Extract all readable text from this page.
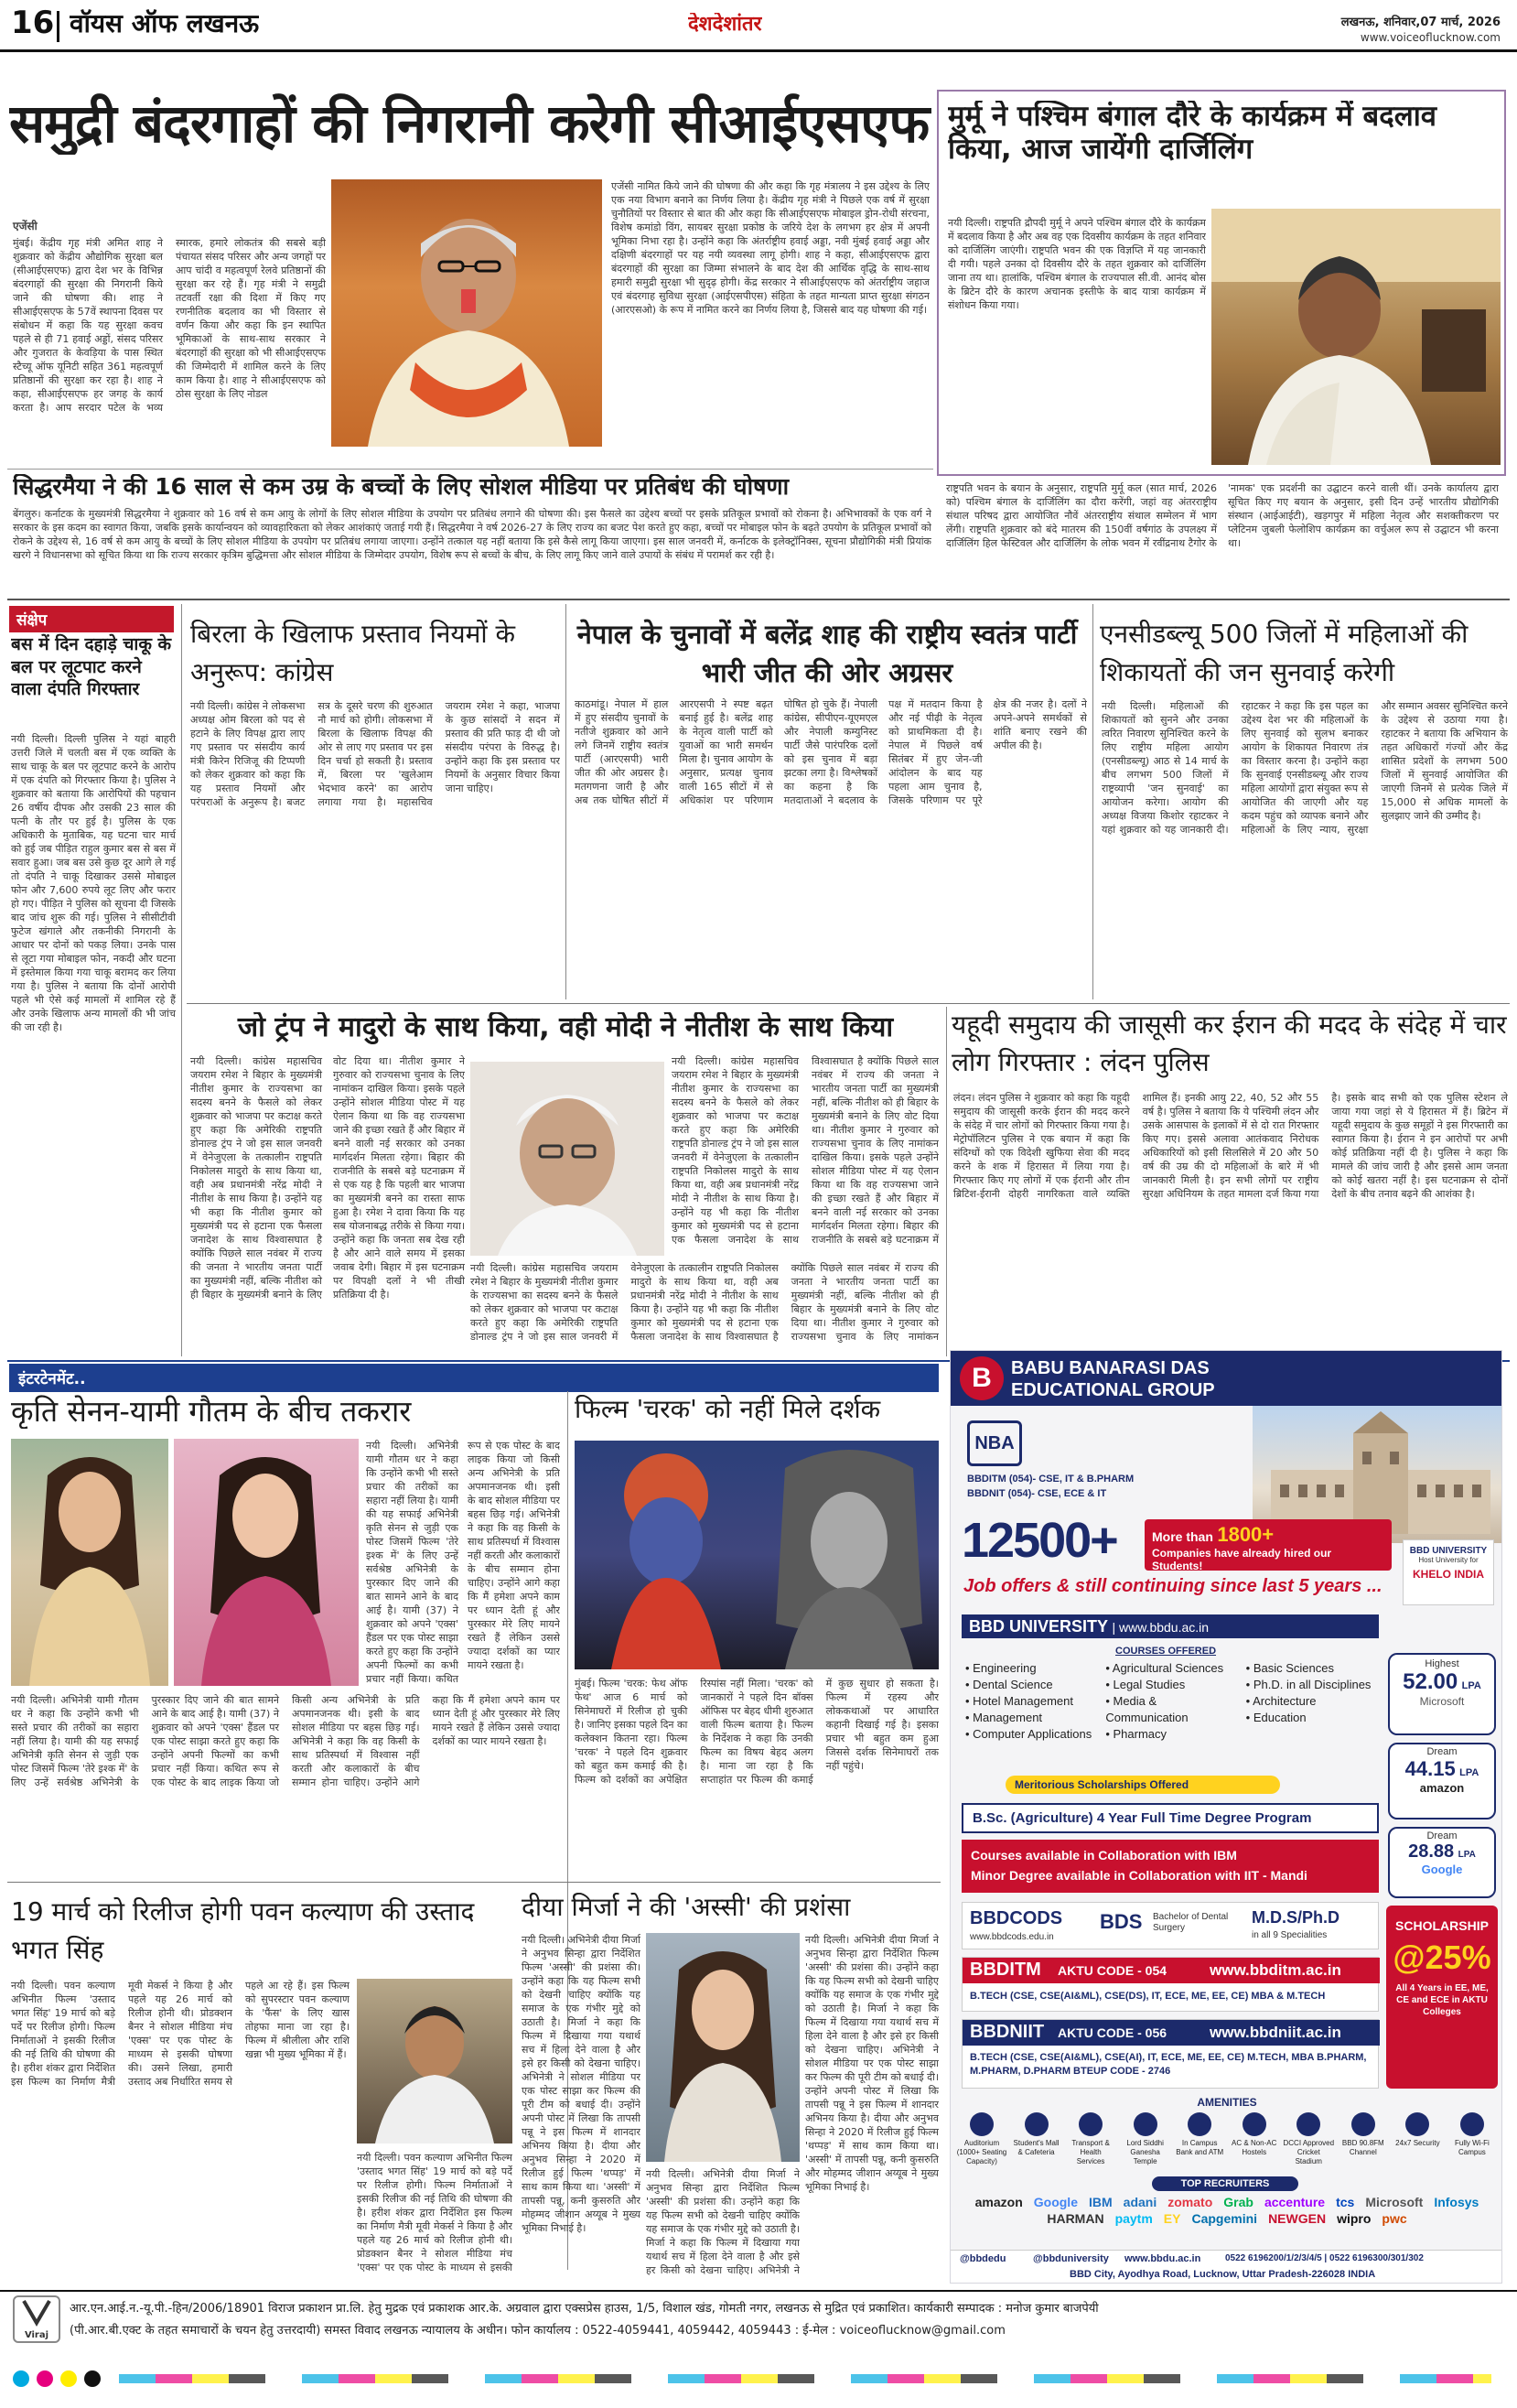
16 वॉयस ऑफ लखनऊ	देशदेशांतर	लखनऊ, शनिवार,07 मार्च, 2026
www.voiceoflucknow.com
समुद्री बंदरगाहों की निगरानी करेगी सीआईएसएफ
एजेंसी
मुंबई। केंद्रीय गृह मंत्री अमित शाह ने शुक्रवार को केंद्रीय औद्योगिक सुरक्षा बल (सीआईएसएफ) द्वारा देश भर के विभिन्न बंदरगाहों की सुरक्षा की निगरानी किये जाने की घोषणा की। शाह ने सीआईएसएफ के 57वें स्थापना दिवस पर संबोधन में कहा कि यह सुरक्षा कवच पहले से ही 71 हवाई अड्डों, संसद परिसर और गुजरात के केवड़िया के पास स्थित स्टैच्यू ऑफ यूनिटी सहित 361 महत्वपूर्ण प्रतिष्ठानों की सुरक्षा कर रहा है। शाह ने कहा, सीआईएसएफ हर जगह के कार्य करता है। आप सरदार पटेल के भव्य स्मारक, हमारे लोकतंत्र की सबसे बड़ी पंचायत संसद परिसर और अन्य जगहों पर आप चांदी व महत्वपूर्ण रेलवे प्रतिष्ठानों की सुरक्षा कर रहे हैं। गृह मंत्री ने समुद्री तटवर्ती रक्षा की दिशा में किए गए रणनीतिक बदलाव का भी विस्तार से वर्णन किया और कहा कि इन स्थापित भूमिकाओं के साथ-साथ सरकार ने बंदरगाहों की सुरक्षा को भी सीआईएसएफ की जिम्मेदारी में शामिल करने के लिए काम किया है। शाह ने सीआईएसएफ को ठोस सुरक्षा के लिए नोडल
एजेंसी नामित किये जाने की घोषणा की और कहा कि गृह मंत्रालय ने इस उद्देश्य के लिए एक नया विभाग बनाने का निर्णय लिया है। केंद्रीय गृह मंत्री ने पिछले एक वर्ष में सुरक्षा चुनौतियों पर विस्तार से बात की और कहा कि सीआईएसएफ मोबाइल ड्रोन-रोधी संरचना, विशेष कमांडो विंग, सायबर सुरक्षा प्रकोष्ठ के जरिये देश के लगभग हर क्षेत्र में अपनी भूमिका निभा रहा है। उन्होंने कहा कि अंतर्राष्ट्रीय हवाई अड्डा, नवी मुंबई हवाई अड्डा और दक्षिणी बंदरगाहों पर यह नयी व्यवस्था लागू होगी। शाह ने कहा, सीआईएसएफ द्वारा बंदरगाहों की सुरक्षा का जिम्मा संभालने के बाद देश की आर्थिक वृद्धि के साथ-साथ हमारी समुद्री सुरक्षा भी सुदृढ़ होगी। केंद्र सरकार ने सीआईएसएफ को अंतर्राष्ट्रीय जहाज एवं बंदरगाह सुविधा सुरक्षा (आईएसपीएस) संहिता के तहत मान्यता प्राप्त सुरक्षा संगठन (आरएसओ) के रूप में नामित करने का निर्णय लिया है, जिससे बाद यह घोषणा की गई।
मुर्मू ने पश्चिम बंगाल दौरे के कार्यक्रम में बदलाव किया, आज जायेंगी दार्जिलिंग
नयी दिल्ली। राष्ट्रपति द्रौपदी मुर्मू ने अपने पश्चिम बंगाल दौरे के कार्यक्रम में बदलाव किया है और अब वह एक दिवसीय कार्यक्रम के तहत शनिवार को दार्जिलिंग जाएंगी। राष्ट्रपति भवन की एक विज्ञप्ति में यह जानकारी दी गयी। पहले उनका दो दिवसीय दौरे के तहत शुक्रवार को दार्जिलिंग जाना तय था। हालांकि, पश्चिम बंगाल के राज्यपाल सी.वी. आनंद बोस के ब्रिटेन दौरे के कारण अचानक इस्तीफे के बाद यात्रा कार्यक्रम में संशोधन किया गया।
सिद्धरमैया ने की 16 साल से कम उम्र के बच्चों के लिए सोशल मीडिया पर प्रतिबंध की घोषणा
बेंगलुरु। कर्नाटक के मुख्यमंत्री सिद्धरमैया ने शुक्रवार को 16 वर्ष से कम आयु के लोगों के लिए सोशल मीडिया के उपयोग पर प्रतिबंध लगाने की घोषणा की। इस फैसले का उद्देश्य बच्चों पर इसके प्रतिकूल प्रभावों को रोकना है। अभिभावकों के एक वर्ग ने सरकार के इस कदम का स्वागत किया, जबकि इसके कार्यान्वयन को व्यावहारिकता को लेकर आशंकाएं जताई गयी हैं। सिद्धरमैया ने वर्ष 2026-27 के लिए राज्य का बजट पेश करते हुए कहा, बच्चों पर मोबाइल फोन के बढ़ते उपयोग के प्रतिकूल प्रभावों को रोकने के उद्देश्य से, 16 वर्ष से कम आयु के बच्चों के लिए सोशल मीडिया के उपयोग पर प्रतिबंध लगाया जाएगा। उन्होंने तत्काल यह नहीं बताया कि इसे कैसे लागू किया जाएगा। इस साल जनवरी में, कर्नाटक के इलेक्ट्रॉनिक्स, सूचना प्रौद्योगिकी मंत्री प्रियांक खरगे ने विधानसभा को सूचित किया था कि राज्य सरकार कृत्रिम बुद्धिमत्ता और सोशल मीडिया के जिम्मेदार उपयोग, विशेष रूप से बच्चों के बीच, के लिए लागू किए जाने वाले उपायों के संबंध में परामर्श कर रही है।
राष्ट्रपति भवन के बयान के अनुसार, राष्ट्रपति मुर्मू कल (सात मार्च, 2026 को) पश्चिम बंगाल के दार्जिलिंग का दौरा करेंगी, जहां वह अंतरराष्ट्रीय संथाल परिषद द्वारा आयोजित नौवें अंतरराष्ट्रीय संथाल सम्मेलन में भाग लेंगी। राष्ट्रपति शुक्रवार को बंदे मातरम की 150वीं वर्षगांठ के उपलक्ष्य में दार्जिलिंग हिल फेस्टिवल और दार्जिलिंग के लोक भवन में रवींद्रनाथ टैगोर के 'नामक' एक प्रदर्शनी का उद्घाटन करने वाली थीं। उनके कार्यालय द्वारा सूचित किए गए बयान के अनुसार, इसी दिन उन्हें भारतीय प्रौद्योगिकी संस्थान (आईआईटी), खड़गपुर में महिला नेतृत्व और सशक्तीकरण पर प्लेटिनम जुबली फेलोशिप कार्यक्रम का वर्चुअल रूप से उद्घाटन भी करना था।
संक्षेप
बस में दिन दहाड़े चाकू के बल पर लूटपाट करने वाला दंपति गिरफ्तार
नयी दिल्ली। दिल्ली पुलिस ने यहां बाहरी उत्तरी जिले में चलती बस में एक व्यक्ति के साथ चाकू के बल पर लूटपाट करने के आरोप में एक दंपति को गिरफ्तार किया है। पुलिस ने शुक्रवार को बताया कि आरोपियों की पहचान 26 वर्षीय दीपक और उसकी 23 साल की पत्नी के तौर पर हुई है। पुलिस के एक अधिकारी के मुताबिक, यह घटना चार मार्च को हुई जब पीड़ित राहुल कुमार बस से बस में सवार हुआ। जब बस उसे कुछ दूर आगे ले गई तो दंपति ने चाकू दिखाकर उससे मोबाइल फोन और 7,600 रुपये लूट लिए और फरार हो गए। पीड़ित ने पुलिस को सूचना दी जिसके बाद जांच शुरू की गई। पुलिस ने सीसीटीवी फुटेज खंगाले और तकनीकी निगरानी के आधार पर दोनों को पकड़ लिया। उनके पास से लूटा गया मोबाइल फोन, नकदी और घटना में इस्तेमाल किया गया चाकू बरामद कर लिया गया है। पुलिस ने बताया कि दोनों आरोपी पहले भी ऐसे कई मामलों में शामिल रहे हैं और उनके खिलाफ अन्य मामलों की भी जांच की जा रही है।
बिरला के खिलाफ प्रस्ताव नियमों के अनुरूप: कांग्रेस
नयी दिल्ली। कांग्रेस ने लोकसभा अध्यक्ष ओम बिरला को पद से हटाने के लिए विपक्ष द्वारा लाए गए प्रस्ताव पर संसदीय कार्य मंत्री किरेन रिजिजू की टिप्पणी को लेकर शुक्रवार को कहा कि यह प्रस्ताव नियमों और परंपराओं के अनुरूप है। बजट सत्र के दूसरे चरण की शुरुआत नौ मार्च को होगी। लोकसभा में बिरला के खिलाफ विपक्ष की ओर से लाए गए प्रस्ताव पर इस दिन चर्चा हो सकती है। प्रस्ताव में, बिरला पर 'खुलेआम भेदभाव करने' का आरोप लगाया गया है। महासचिव जयराम रमेश ने कहा, भाजपा के कुछ सांसदों ने सदन में प्रस्ताव की प्रति फाड़ दी थी जो संसदीय परंपरा के विरुद्ध है। उन्होंने कहा कि इस प्रस्ताव पर नियमों के अनुसार विचार किया जाना चाहिए।
नेपाल के चुनावों में बलेंद्र शाह की राष्ट्रीय स्वतंत्र पार्टी भारी जीत की ओर अग्रसर
काठमांडू। नेपाल में हाल में हुए संसदीय चुनावों के नतीजे शुक्रवार को आने लगे जिनमें राष्ट्रीय स्वतंत्र पार्टी (आरएसपी) भारी जीत की ओर अग्रसर है। मतगणना जारी है और अब तक घोषित सीटों में आरएसपी ने स्पष्ट बढ़त बनाई हुई है। बलेंद्र शाह के नेतृत्व वाली पार्टी को युवाओं का भारी समर्थन मिला है। चुनाव आयोग के अनुसार, प्रत्यक्ष चुनाव वाली 165 सीटों में से अधिकांश पर परिणाम घोषित हो चुके हैं। नेपाली कांग्रेस, सीपीएन-यूएमएल और नेपाली कम्युनिस्ट पार्टी जैसे पारंपरिक दलों को इस चुनाव में बड़ा झटका लगा है। विश्लेषकों का कहना है कि मतदाताओं ने बदलाव के पक्ष में मतदान किया है और नई पीढ़ी के नेतृत्व को प्राथमिकता दी है। नेपाल में पिछले वर्ष सितंबर में हुए जेन-जी आंदोलन के बाद यह पहला आम चुनाव है, जिसके परिणाम पर पूरे क्षेत्र की नजर है। दलों ने अपने-अपने समर्थकों से शांति बनाए रखने की अपील की है।
एनसीडब्ल्यू 500 जिलों में महिलाओं की शिकायतों की जन सुनवाई करेगी
नयी दिल्ली। महिलाओं की शिकायतों को सुनने और उनका त्वरित निवारण सुनिश्चित करने के लिए राष्ट्रीय महिला आयोग (एनसीडब्ल्यू) आठ से 14 मार्च के बीच लगभग 500 जिलों में राष्ट्रव्यापी 'जन सुनवाई' का आयोजन करेगा। आयोग की अध्यक्ष विजया किशोर रहाटकर ने यहां शुक्रवार को यह जानकारी दी। रहाटकर ने कहा कि इस पहल का उद्देश्य देश भर की महिलाओं के लिए सुनवाई को सुलभ बनाकर आयोग के शिकायत निवारण तंत्र का विस्तार करना है। उन्होंने कहा कि सुनवाई एनसीडब्ल्यू और राज्य महिला आयोगों द्वारा संयुक्त रूप से आयोजित की जाएगी और यह कदम पहुंच को व्यापक बनाने और महिलाओं के लिए न्याय, सुरक्षा और सम्मान अवसर सुनिश्चित करने के उद्देश्य से उठाया गया है। रहाटकर ने बताया कि अभियान के तहत अधिकारों गंज्यों और केंद्र शासित प्रदेशों के लगभग 500 जिलों में सुनवाई आयोजित की जाएगी जिनमें से प्रत्येक जिले में 15,000 से अधिक मामलों के सुलझाए जाने की उम्मीद है।
जो ट्रंप ने मादुरो के साथ किया, वही मोदी ने नीतीश के साथ किया
नयी दिल्ली। कांग्रेस महासचिव जयराम रमेश ने बिहार के मुख्यमंत्री नीतीश कुमार के राज्यसभा का सदस्य बनने के फैसले को लेकर शुक्रवार को भाजपा पर कटाक्ष करते हुए कहा कि अमेरिकी राष्ट्रपति डोनाल्ड ट्रंप ने जो इस साल जनवरी में वेनेजुएला के तत्कालीन राष्ट्रपति निकोलस मादुरो के साथ किया था, वही अब प्रधानमंत्री नरेंद्र मोदी ने नीतीश के साथ किया है। उन्होंने यह भी कहा कि नीतीश कुमार को मुख्यमंत्री पद से हटाना एक फैसला जनादेश के साथ विश्वासघात है क्योंकि पिछले साल नवंबर में राज्य की जनता ने भारतीय जनता पार्टी का मुख्यमंत्री नहीं, बल्कि नीतीश को ही बिहार के मुख्यमंत्री बनाने के लिए वोट दिया था। नीतीश कुमार ने गुरुवार को राज्यसभा चुनाव के लिए नामांकन दाखिल किया। इसके पहले उन्होंने सोशल मीडिया पोस्ट में यह ऐलान किया था कि वह राज्यसभा जाने की इच्छा रखते हैं और बिहार में बनने वाली नई सरकार को उनका मार्गदर्शन मिलता रहेगा। बिहार की राजनीति के सबसे बड़े घटनाक्रम में से एक यह है कि पहली बार भाजपा का मुख्यमंत्री बनने का रास्ता साफ हुआ है। रमेश ने दावा किया कि यह सब योजनाबद्ध तरीके से किया गया। उन्होंने कहा कि जनता सब देख रही है और आने वाले समय में इसका जवाब देगी। बिहार में इस घटनाक्रम पर विपक्षी दलों ने भी तीखी प्रतिक्रिया दी है।
नयी दिल्ली। कांग्रेस महासचिव जयराम रमेश ने बिहार के मुख्यमंत्री नीतीश कुमार के राज्यसभा का सदस्य बनने के फैसले को लेकर शुक्रवार को भाजपा पर कटाक्ष करते हुए कहा कि अमेरिकी राष्ट्रपति डोनाल्ड ट्रंप ने जो इस साल जनवरी में वेनेजुएला के तत्कालीन राष्ट्रपति निकोलस मादुरो के साथ किया था, वही अब प्रधानमंत्री नरेंद्र मोदी ने नीतीश के साथ किया है। उन्होंने यह भी कहा कि नीतीश कुमार को मुख्यमंत्री पद से हटाना एक फैसला जनादेश के साथ विश्वासघात है क्योंकि पिछले साल नवंबर में राज्य की जनता ने भारतीय जनता पार्टी का मुख्यमंत्री नहीं, बल्कि नीतीश को ही बिहार के मुख्यमंत्री बनाने के लिए वोट दिया था। नीतीश कुमार ने गुरुवार को राज्यसभा चुनाव के लिए नामांकन
नयी दिल्ली। कांग्रेस महासचिव जयराम रमेश ने बिहार के मुख्यमंत्री नीतीश कुमार के राज्यसभा का सदस्य बनने के फैसले को लेकर शुक्रवार को भाजपा पर कटाक्ष करते हुए कहा कि अमेरिकी राष्ट्रपति डोनाल्ड ट्रंप ने जो इस साल जनवरी में वेनेजुएला के तत्कालीन राष्ट्रपति निकोलस मादुरो के साथ किया था, वही अब प्रधानमंत्री नरेंद्र मोदी ने नीतीश के साथ किया है। उन्होंने यह भी कहा कि नीतीश कुमार को मुख्यमंत्री पद से हटाना एक फैसला जनादेश के साथ विश्वासघात है क्योंकि पिछले साल नवंबर में राज्य की जनता ने भारतीय जनता पार्टी का मुख्यमंत्री नहीं, बल्कि नीतीश को ही बिहार के मुख्यमंत्री बनाने के लिए वोट दिया था। नीतीश कुमार ने गुरुवार को राज्यसभा चुनाव के लिए नामांकन दाखिल किया। इसके पहले उन्होंने सोशल मीडिया पोस्ट में यह ऐलान किया था कि वह राज्यसभा जाने की इच्छा रखते हैं और बिहार में बनने वाली नई सरकार को उनका मार्गदर्शन मिलता रहेगा। बिहार की राजनीति के सबसे बड़े घटनाक्रम में
यहूदी समुदाय की जासूसी कर ईरान की मदद के संदेह में चार लोग गिरफ्तार : लंदन पुलिस
लंदन। लंदन पुलिस ने शुक्रवार को कहा कि यहूदी समुदाय की जासूसी करके ईरान की मदद करने के संदेह में चार लोगों को गिरफ्तार किया गया है। मेट्रोपॉलिटन पुलिस ने एक बयान में कहा कि संदिग्धों को एक विदेशी खुफिया सेवा की मदद करने के शक में हिरासत में लिया गया है। गिरफ्तार किए गए लोगों में एक ईरानी और तीन ब्रिटिश-ईरानी दोहरी नागरिकता वाले व्यक्ति शामिल हैं। इनकी आयु 22, 40, 52 और 55 वर्ष है। पुलिस ने बताया कि ये पश्चिमी लंदन और उसके आसपास के इलाकों में से दो रात गिरफ्तार किए गए। इससे अलावा आतंकवाद निरोधक अधिकारियों को इसी सिलसिले में 20 और 50 वर्ष की उम्र की दो महिलाओं के बारे में भी जानकारी मिली है। इन सभी लोगों पर राष्ट्रीय सुरक्षा अधिनियम के तहत मामला दर्ज किया गया है। इसके बाद सभी को एक पुलिस स्टेशन ले जाया गया जहां से ये हिरासत में हैं। ब्रिटेन में यहूदी समुदाय के कुछ समूहों ने इस गिरफ्तारी का स्वागत किया है। ईरान ने इन आरोपों पर अभी कोई प्रतिक्रिया नहीं दी है। पुलिस ने कहा कि मामले की जांच जारी है और इससे आम जनता को कोई खतरा नहीं है। इस घटनाक्रम से दोनों देशों के बीच तनाव बढ़ने की आशंका है।
इंटरटेनमेंट..
कृति सेनन-यामी गौतम के बीच तकरार
नयी दिल्ली। अभिनेत्री यामी गौतम धर ने कहा कि उन्होंने कभी भी सस्ते प्रचार की तरीकों का सहारा नहीं लिया है। यामी की यह सफाई अभिनेत्री कृति सेनन से जुड़ी एक पोस्ट जिसमें फिल्म 'तेरे इश्क में' के लिए उन्हें सर्वश्रेष्ठ अभिनेत्री के पुरस्कार दिए जाने की बात सामने आने के बाद आई है। यामी (37) ने शुक्रवार को अपने 'एक्स' हैंडल पर एक पोस्ट साझा करते हुए कहा कि उन्होंने अपनी फिल्मों का कभी प्रचार नहीं किया। कथित रूप से एक पोस्ट के बाद लाइक किया जो किसी अन्य अभिनेत्री के प्रति अपमानजनक थी। इसी के बाद सोशल मीडिया पर बहस छिड़ गई। अभिनेत्री ने कहा कि वह किसी के साथ प्रतिस्पर्धा में विश्वास नहीं करती और कलाकारों के बीच सम्मान होना चाहिए। उन्होंने आगे कहा कि मैं हमेशा अपने काम पर ध्यान देती हूं और पुरस्कार मेरे लिए मायने रखते हैं लेकिन उससे ज्यादा दर्शकों का प्यार मायने रखता है।
नयी दिल्ली। अभिनेत्री यामी गौतम धर ने कहा कि उन्होंने कभी भी सस्ते प्रचार की तरीकों का सहारा नहीं लिया है। यामी की यह सफाई अभिनेत्री कृति सेनन से जुड़ी एक पोस्ट जिसमें फिल्म 'तेरे इश्क में' के लिए उन्हें सर्वश्रेष्ठ अभिनेत्री के पुरस्कार दिए जाने की बात सामने आने के बाद आई है। यामी (37) ने शुक्रवार को अपने 'एक्स' हैंडल पर एक पोस्ट साझा करते हुए कहा कि उन्होंने अपनी फिल्मों का कभी प्रचार नहीं किया। कथित रूप से एक पोस्ट के बाद लाइक किया जो किसी अन्य अभिनेत्री के प्रति अपमानजनक थी। इसी के बाद सोशल मीडिया पर बहस छिड़ गई। अभिनेत्री ने कहा कि वह किसी के साथ प्रतिस्पर्धा में विश्वास नहीं करती और कलाकारों के बीच सम्मान होना चाहिए। उन्होंने आगे कहा कि मैं हमेशा अपने काम पर ध्यान देती हूं और पुरस्कार मेरे लिए मायने रखते हैं लेकिन उससे ज्यादा दर्शकों का प्यार मायने रखता है।
फिल्म 'चरक' को नहीं मिले दर्शक
मुंबई। फिल्म 'चरक: फेथ ऑफ फेथ' आज 6 मार्च को सिनेमाघरों में रिलीज हो चुकी है। जानिए इसका पहले दिन का कलेक्शन कितना रहा। फिल्म 'चरक' ने पहले दिन शुक्रवार को बहुत कम कमाई की है। फिल्म को दर्शकों का अपेक्षित रिस्पांस नहीं मिला। 'चरक' को जानकारों ने पहले दिन बॉक्स ऑफिस पर बेहद धीमी शुरुआत वाली फिल्म बताया है। फिल्म के निर्देशक ने कहा कि उनकी फिल्म का विषय बेहद अलग है। माना जा रहा है कि सप्ताहांत पर फिल्म की कमाई में कुछ सुधार हो सकता है। फिल्म में रहस्य और लोककथाओं पर आधारित कहानी दिखाई गई है। इसका प्रचार भी बहुत कम हुआ जिससे दर्शक सिनेमाघरों तक नहीं पहुंचे।
19 मार्च को रिलीज होगी पवन कल्याण की उस्ताद भगत सिंह
नयी दिल्ली। पवन कल्याण अभिनीत फिल्म 'उस्ताद भगत सिंह' 19 मार्च को बड़े पर्दे पर रिलीज होगी। फिल्म निर्माताओं ने इसकी रिलीज की नई तिथि की घोषणा की है। हरीश शंकर द्वारा निर्देशित इस फिल्म का निर्माण मैत्री मूवी मेकर्स ने किया है और पहले यह 26 मार्च को रिलीज होनी थी। प्रोडक्शन बैनर ने सोशल मीडिया मंच 'एक्स' पर एक पोस्ट के माध्यम से इसकी घोषणा की। उसने लिखा, हमारी उस्ताद अब निर्धारित समय से पहले आ रहे हैं। इस फिल्म को सुपरस्टार पवन कल्याण के 'फैंस' के लिए खास तोहफा माना जा रहा है। फिल्म में श्रीलीला और राशि खन्ना भी मुख्य भूमिका में हैं।
नयी दिल्ली। पवन कल्याण अभिनीत फिल्म 'उस्ताद भगत सिंह' 19 मार्च को बड़े पर्दे पर रिलीज होगी। फिल्म निर्माताओं ने इसकी रिलीज की नई तिथि की घोषणा की है। हरीश शंकर द्वारा निर्देशित इस फिल्म का निर्माण मैत्री मूवी मेकर्स ने किया है और पहले यह 26 मार्च को रिलीज होनी थी। प्रोडक्शन बैनर ने सोशल मीडिया मंच 'एक्स' पर एक पोस्ट के माध्यम से इसकी
दीया मिर्जा ने की 'अस्सी' की प्रशंसा
नयी दिल्ली। अभिनेत्री दीया मिर्जा ने अनुभव सिन्हा द्वारा निर्देशित फिल्म 'अस्सी' की प्रशंसा की। उन्होंने कहा कि यह फिल्म सभी को देखनी चाहिए क्योंकि यह समाज के एक गंभीर मुद्दे को उठाती है। मिर्जा ने कहा कि फिल्म में दिखाया गया यथार्थ सच में हिला देने वाला है और इसे हर किसी को देखना चाहिए। अभिनेत्री ने सोशल मीडिया पर एक पोस्ट साझा कर फिल्म की पूरी टीम को बधाई दी। उन्होंने अपनी पोस्ट में लिखा कि तापसी पन्नू ने इस फिल्म में शानदार अभिनय किया है। दीया और अनुभव सिन्हा ने 2020 में रिलीज हुई फिल्म 'थप्पड़' में साथ काम किया था। 'अस्सी' में तापसी पन्नू, कनी कुसरुति और मोहम्मद जीशान अय्यूब ने मुख्य भूमिका निभाई है।
नयी दिल्ली। अभिनेत्री दीया मिर्जा ने अनुभव सिन्हा द्वारा निर्देशित फिल्म 'अस्सी' की प्रशंसा की। उन्होंने कहा कि यह फिल्म सभी को देखनी चाहिए क्योंकि यह समाज के एक गंभीर मुद्दे को उठाती है। मिर्जा ने कहा कि फिल्म में दिखाया गया यथार्थ सच में हिला देने वाला है और इसे हर किसी को देखना चाहिए। अभिनेत्री ने सोशल मीडिया पर एक पोस्ट साझा कर फिल्म की पूरी टीम को बधाई दी। उन्होंने अपनी पोस्ट में लिखा कि तापसी पन्नू ने इस फिल्म में शानदार अभिनय किया है। दीया और अनुभव सिन्हा ने 2020 में रिलीज हुई फिल्म 'थप्पड़' में साथ काम किया था। 'अस्सी' में तापसी पन्नू, कनी कुसरुति और मोहम्मद जीशान अय्यूब ने मुख्य भूमिका निभाई है।
नयी दिल्ली। अभिनेत्री दीया मिर्जा ने अनुभव सिन्हा द्वारा निर्देशित फिल्म 'अस्सी' की प्रशंसा की। उन्होंने कहा कि यह फिल्म सभी को देखनी चाहिए क्योंकि यह समाज के एक गंभीर मुद्दे को उठाती है। मिर्जा ने कहा कि फिल्म में दिखाया गया यथार्थ सच में हिला देने वाला है और इसे हर किसी को देखना चाहिए। अभिनेत्री ने
B	BABU BANARASI DAS
EDUCATIONAL GROUP
NBA
BBDITM (054)- CSE, IT & B.PHARM
BBDNIT (054)- CSE, ECE & IT
12500+	More than 1800+
Companies have already hired our Students!
Job offers & still continuing since last 5 years ...
BBD UNIVERSITY
Host University for
KHELO INDIA
BBD UNIVERSITY | www.bbdu.ac.in
COURSES OFFERED
• Engineering
• Dental Science
• Hotel Management
• Management
• Computer Applications
• Agricultural Sciences
• Legal Studies
• Media & Communication
• Pharmacy
• Basic Sciences
• Ph.D. in all Disciplines
• Architecture
• Education
Highest
52.00 LPA
Microsoft
Dream
44.15 LPA
amazon
Dream
28.88 LPA
Google
Meritorious Scholarships Offered
B.Sc. (Agriculture) 4 Year Full Time Degree Program
Courses available in Collaboration with IBM
Minor Degree available in Collaboration with IIT - Mandi
BBDCODS
www.bbdcods.edu.in
BDS Bachelor of Dental Surgery
M.D.S/Ph.D
in all 9 Specialities
BBDITM AKTU CODE - 054	www.bbditm.ac.in
B.TECH (CSE, CSE(AI&ML), CSE(DS), IT, ECE, ME, EE, CE) MBA & M.TECH
BBDNIIT AKTU CODE - 056	www.bbdniit.ac.in
B.TECH (CSE, CSE(AI&ML), CSE(AI), IT, ECE, ME, EE, CE) M.TECH, MBA B.PHARM, M.PHARM, D.PHARM BTEUP CODE - 2746
SCHOLARSHIP
@25%
All 4 Years in EE, ME, CE and ECE in AKTU Colleges
AMENITIES
Auditorium (1000+ Seating Capacity)
Student's Mall & Cafeteria
Transport & Health Services
Lord Siddhi Ganesha Temple
In Campus Bank and ATM
AC & Non-AC Hostels
DCCI Approved Cricket Stadium
BBD 90.8FM Channel
24x7 Security	Fully Wi-Fi Campus
TOP RECRUITERS
amazon Google IBM adani zomato Grab accenture tcs Microsoft Infosys
HARMAN paytm EY Capgemini NEWGEN wipro pwc
@bbdedu	@bbduniversity www.bbdu.ac.in	0522 6196200/1/2/3/4/5 | 0522 6196300/301/302
BBD City, Ayodhya Road, Lucknow, Uttar Pradesh-226028 INDIA
Viraj
आर.एन.आई.न.-यू.पी.-हिन/2006/18901 विराज प्रकाशन प्रा.लि. हेतु मुद्रक एवं प्रकाशक आर.के. अग्रवाल द्वारा एक्सप्रेस हाउस, 1/5, विशाल खंड, गोमती नगर, लखनऊ से मुद्रित एवं प्रकाशित। कार्यकारी सम्पादक : मनोज कुमार बाजपेयी
(पी.आर.बी.एक्ट के तहत समाचारों के चयन हेतु उत्तरदायी) समस्त विवाद लखनऊ न्यायालय के अधीन। फोन कार्यालय : 0522-4059441, 4059442, 4059443 : ई-मेल : voiceoflucknow@gmail.com
